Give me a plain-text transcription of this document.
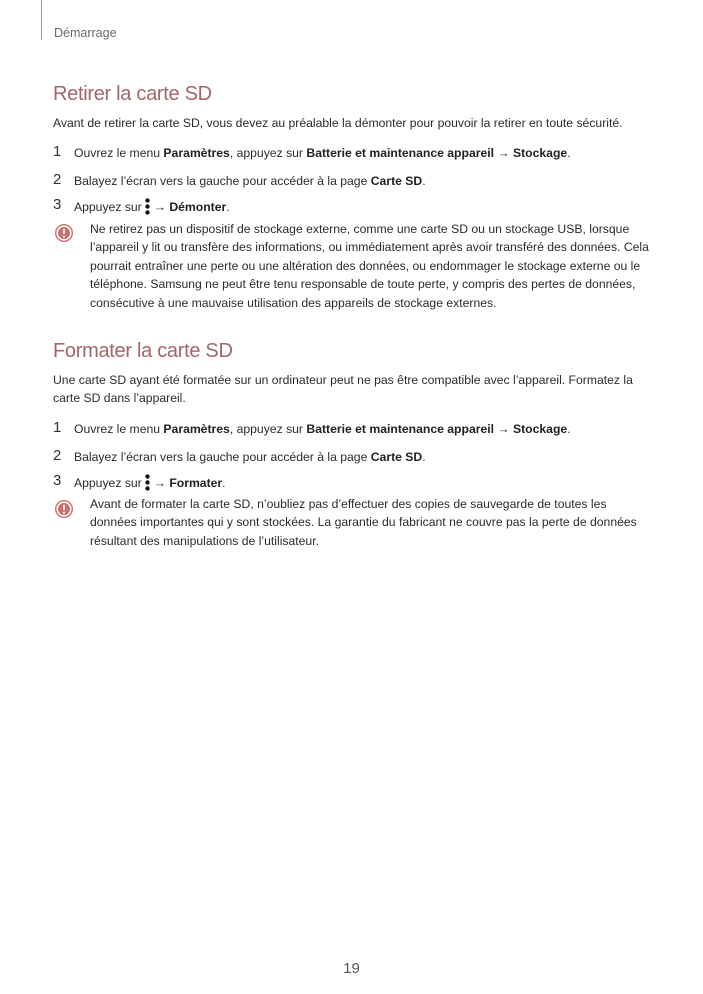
Démarrage
Retirer la carte SD
Avant de retirer la carte SD, vous devez au préalable la démonter pour pouvoir la retirer en toute sécurité.
1 Ouvrez le menu Paramètres, appuyez sur Batterie et maintenance appareil → Stockage.
2 Balayez l’écran vers la gauche pour accéder à la page Carte SD.
3 Appuyez sur → Démonter.
Ne retirez pas un dispositif de stockage externe, comme une carte SD ou un stockage USB, lorsque l’appareil y lit ou transfère des informations, ou immédiatement après avoir transféré des données. Cela pourrait entraîner une perte ou une altération des données, ou endommager le stockage externe ou le téléphone. Samsung ne peut être tenu responsable de toute perte, y compris des pertes de données, consécutive à une mauvaise utilisation des appareils de stockage externes.
Formater la carte SD
Une carte SD ayant été formatée sur un ordinateur peut ne pas être compatible avec l’appareil. Formatez la carte SD dans l’appareil.
1 Ouvrez le menu Paramètres, appuyez sur Batterie et maintenance appareil → Stockage.
2 Balayez l’écran vers la gauche pour accéder à la page Carte SD.
3 Appuyez sur → Formater.
Avant de formater la carte SD, n’oubliez pas d’effectuer des copies de sauvegarde de toutes les données importantes qui y sont stockées. La garantie du fabricant ne couvre pas la perte de données résultant des manipulations de l’utilisateur.
19
